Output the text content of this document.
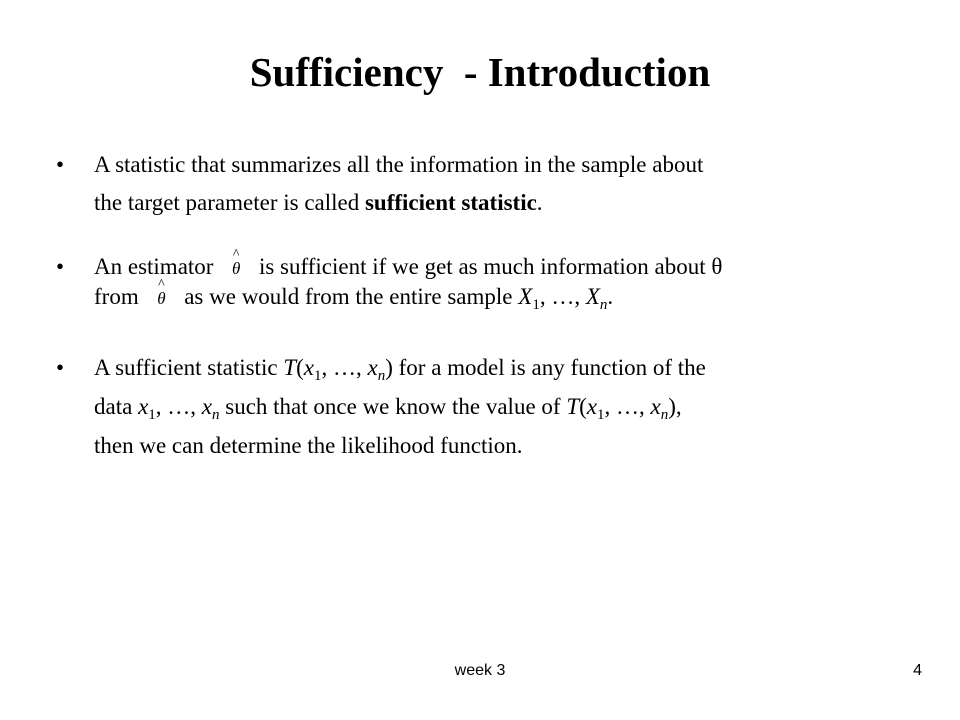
Sufficiency  - Introduction
•	A statistic that summarizes all the information in the sample about
the target parameter is called sufficient statistic.
•	An estimator ^
θ is sufficient if we get as much information about θ
from ^
θ as we would from the entire sample $X_1$, …, $X_n$.
•	A sufficient statistic $T(x_1$, …, $x_n$) for a model is any function of the
data $x_1$, …, $x_n$ such that once we know the value of $T(x_1$, …, $x_n$),
then we can determine the likelihood function.
week 3	4
